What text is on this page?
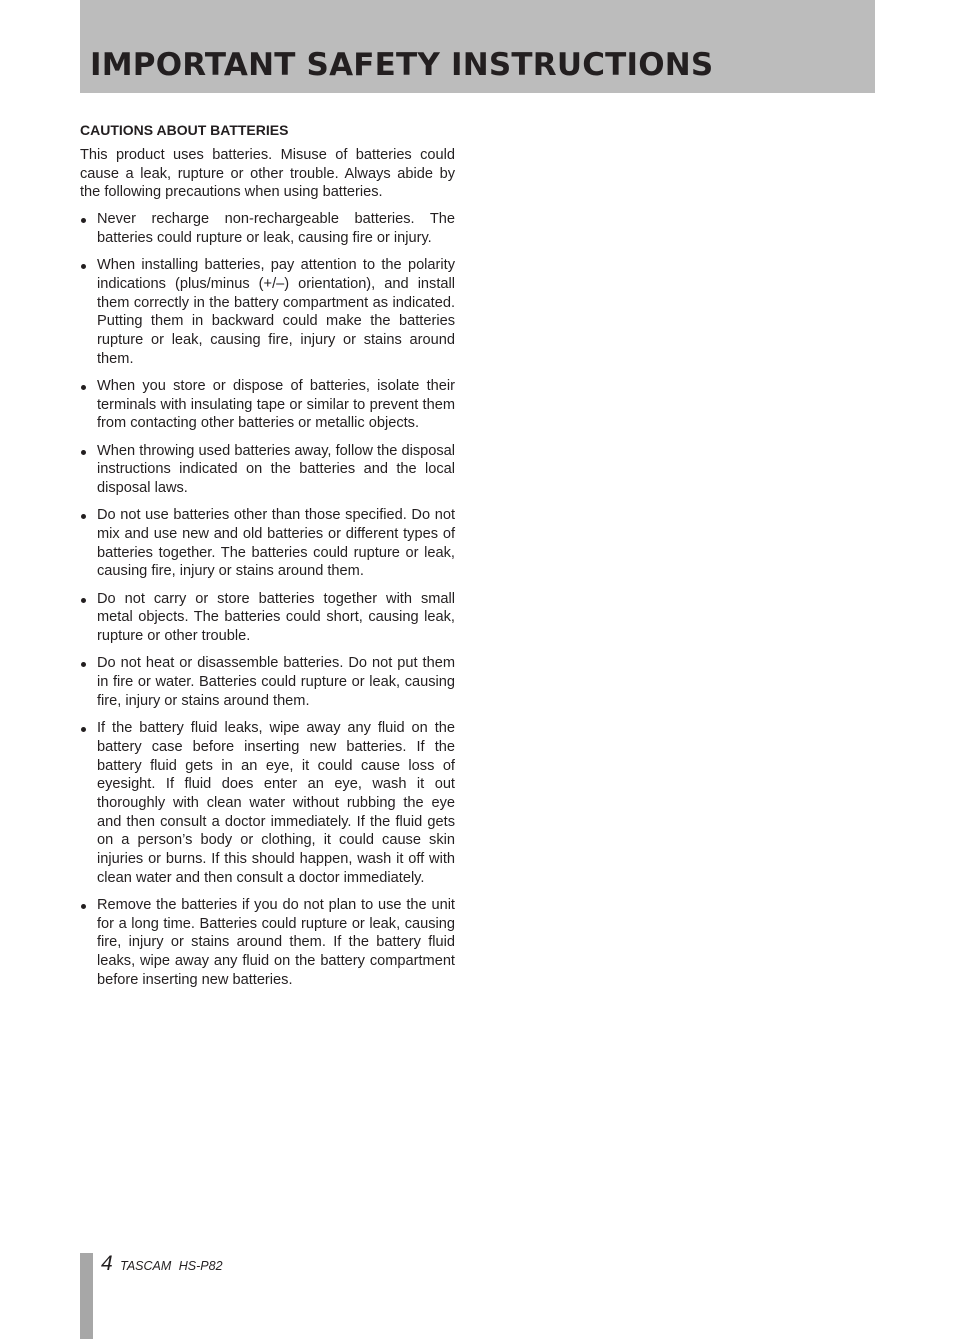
IMPORTANT SAFETY INSTRUCTIONS
CAUTIONS ABOUT BATTERIES

This product uses batteries. Misuse of batteries could cause a leak, rupture or other trouble. Always abide by the following precautions when using batteries.

Never recharge non-rechargeable batteries. The batteries could rupture or leak, causing fire or injury.
When installing batteries, pay attention to the polarity indications (plus/minus (+/–) orientation), and install them correctly in the battery compartment as indicated. Putting them in backward could make the batteries rupture or leak, causing fire, injury or stains around them.
When you store or dispose of batteries, isolate their terminals with insulating tape or similar to prevent them from contacting other batteries or metallic objects.
When throwing used batteries away, follow the disposal instructions indicated on the batteries and the local disposal laws.
Do not use batteries other than those specified. Do not mix and use new and old batteries or different types of batteries together. The batteries could rupture or leak, causing fire, injury or stains around them.
Do not carry or store batteries together with small metal objects. The batteries could short, causing leak, rupture or other trouble.
Do not heat or disassemble batteries. Do not put them in fire or water. Batteries could rupture or leak, causing fire, injury or stains around them.
If the battery fluid leaks, wipe away any fluid on the battery case before inserting new batteries. If the battery fluid gets in an eye, it could cause loss of eyesight. If fluid does enter an eye, wash it out thoroughly with clean water without rubbing the eye and then consult a doctor immediately. If the fluid gets on a person’s body or clothing, it could cause skin injuries or burns. If this should happen, wash it off with clean water and then consult a doctor immediately.
Remove the batteries if you do not plan to use the unit for a long time. Batteries could rupture or leak, causing fire, injury or stains around them. If the battery fluid leaks, wipe away any fluid on the battery compartment before inserting new batteries.
4 TASCAM HS-P82
